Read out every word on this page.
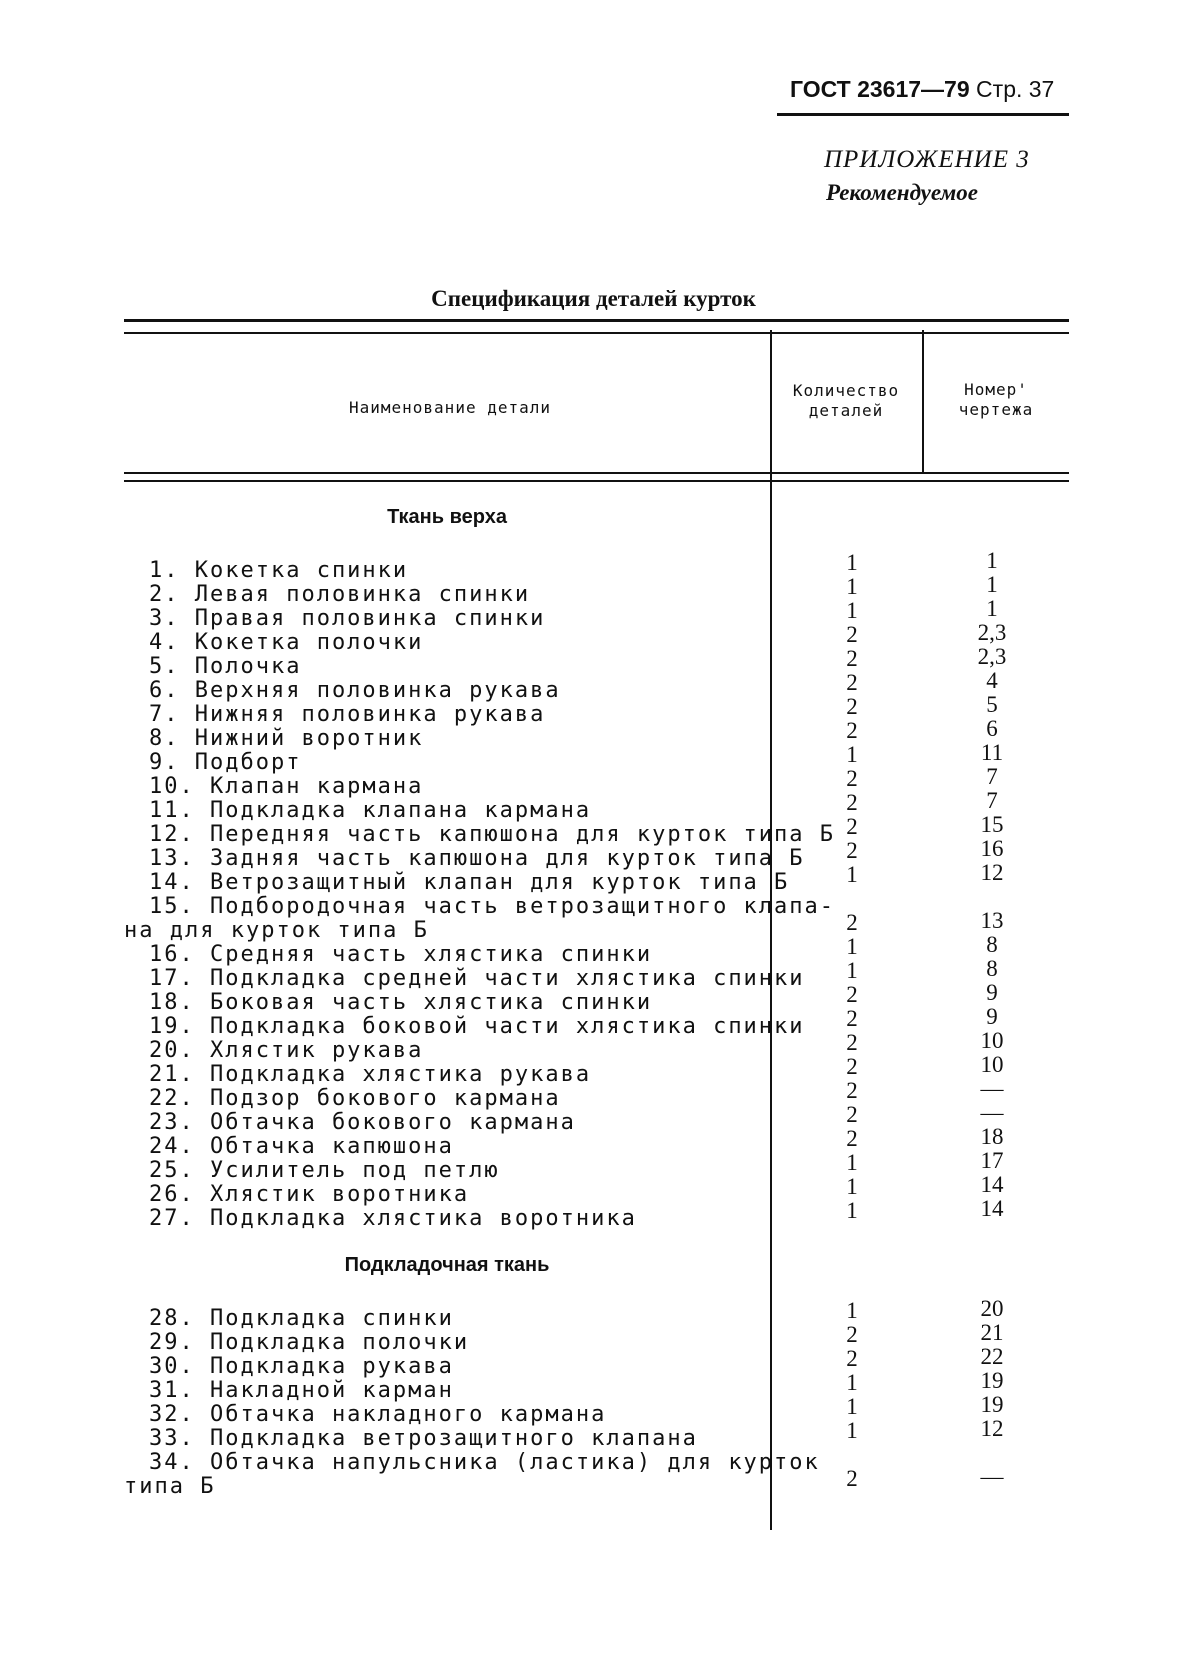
ГОСТ 23617—79 Стр. 37
ПРИЛОЖЕНИЕ 3
Рекомендуемое
Спецификация деталей курток
Наименование детали
Количество
деталей
Номер'
чертежа
Ткань верха
1. Кокетка спинки	1	1
2. Левая половинка спинки	1	1
3. Правая половинка спинки	1	1
4. Кокетка полочки	2	2,3
5. Полочка	2	2,3
6. Верхняя половинка рукава	2	4
7. Нижняя половинка рукава	2	5
8. Нижний воротник	2	6
9. Подборт	1	11
10. Клапан кармана	2	7
11. Подкладка клапана кармана	2	7
12. Передняя часть капюшона для курток типа Б 2	15
13. Задняя часть капюшона для курток типа Б	2	16
14. Ветрозащитный клапан для курток типа Б	1	12
15. Подбородочная часть ветрозащитного клапа-
на для курток типа Б	2	13
16. Средняя часть хлястика спинки	1	8
17. Подкладка средней части хлястика спинки	1	8
18. Боковая часть хлястика спинки	2	9
19. Подкладка боковой части хлястика спинки	2	9
20. Хлястик рукава	2	10
21. Подкладка хлястика рукава	2	10
22. Подзор бокового кармана	2	—
23. Обтачка бокового кармана	2	—
24. Обтачка капюшона	2	18
25. Усилитель под петлю	1	17
26. Хлястик воротника	1	14
27. Подкладка хлястика воротника	1	14
Подкладочная ткань
28. Подкладка спинки	1	20
29. Подкладка полочки	2	21
30. Подкладка рукава	2	22
31. Накладной карман	1	19
32. Обтачка накладного кармана	1	19
33. Подкладка ветрозащитного клапана	1	12
34. Обтачка напульсника (ластика) для курток
типа Б	2	—
